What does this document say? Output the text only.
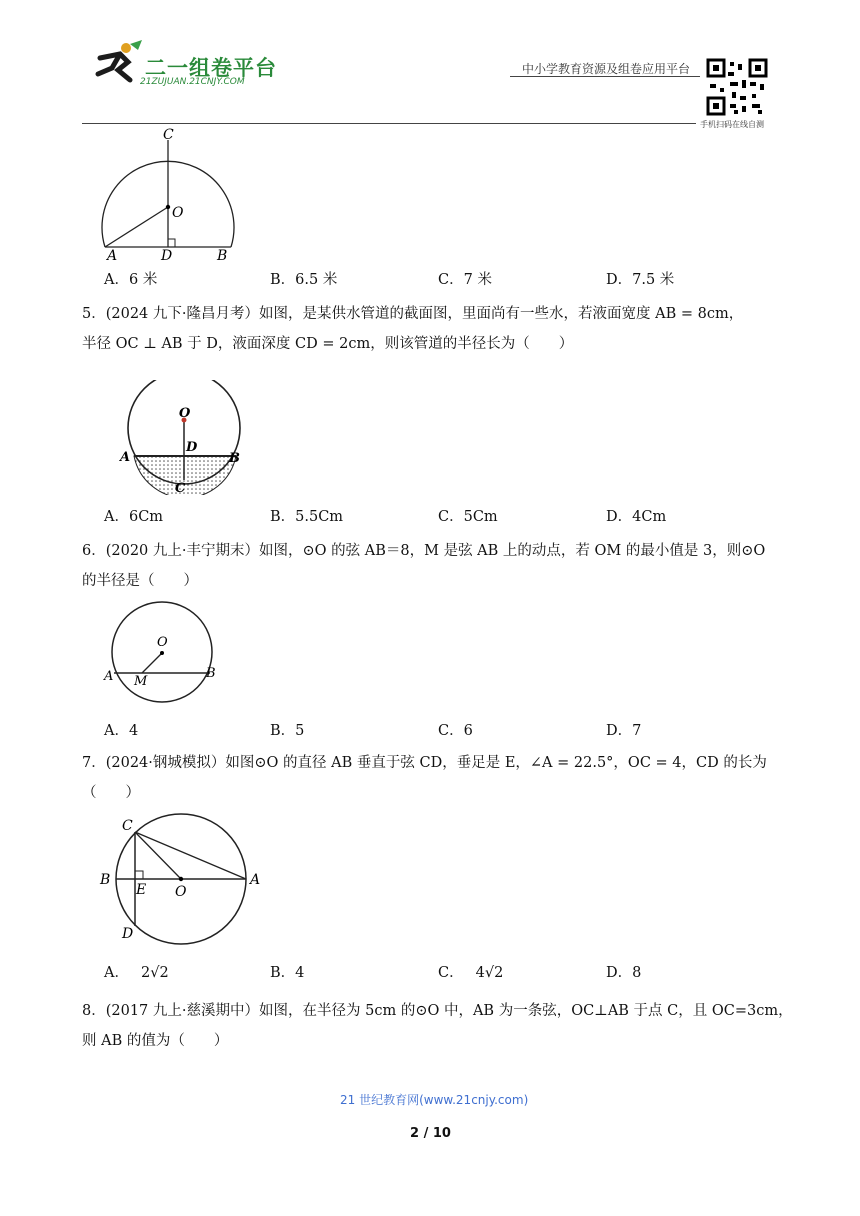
二一组卷平台
21ZUJUAN.21CNJY.COM
中小学教育资源及组卷应用平台
手机扫码在线自测
C
O
A	D	B
A．6 米	B．6.5 米	C．7 米	D．7.5 米
5．(2024 九下·隆昌月考）如图，是某供水管道的截面图，里面尚有一些水，若液面宽度 AB = 8cm，
半径 OC ⊥ AB 于 D，液面深度 CD = 2cm，则该管道的半径长为（　　）
O
D
A	B
C
A．6Cm	B．5.5Cm	C．5Cm	D．4Cm
6．(2020 九上·丰宁期末）如图，⊙O 的弦 AB＝8，M 是弦 AB 上的动点，若 OM 的最小值是 3，则⊙O
的半径是（　　）
O
A M
B
A．4	B．5	C．6	D．7
7．(2024·钢城模拟）如图⊙O 的直径 AB 垂直于弦 CD，垂足是 E，∠A = 22.5°，OC = 4，CD 的长为
（　　）
C
B
E O
A
D
A． 2√2	B．4	C． 4√2	D．8
8．(2017 九上·慈溪期中）如图，在半径为 5cm 的⊙O 中，AB 为一条弦，OC⊥AB 于点 C，且 OC=3cm，
则 AB 的值为（　　）
21 世纪教育网(www.21cnjy.com)
2 / 10
